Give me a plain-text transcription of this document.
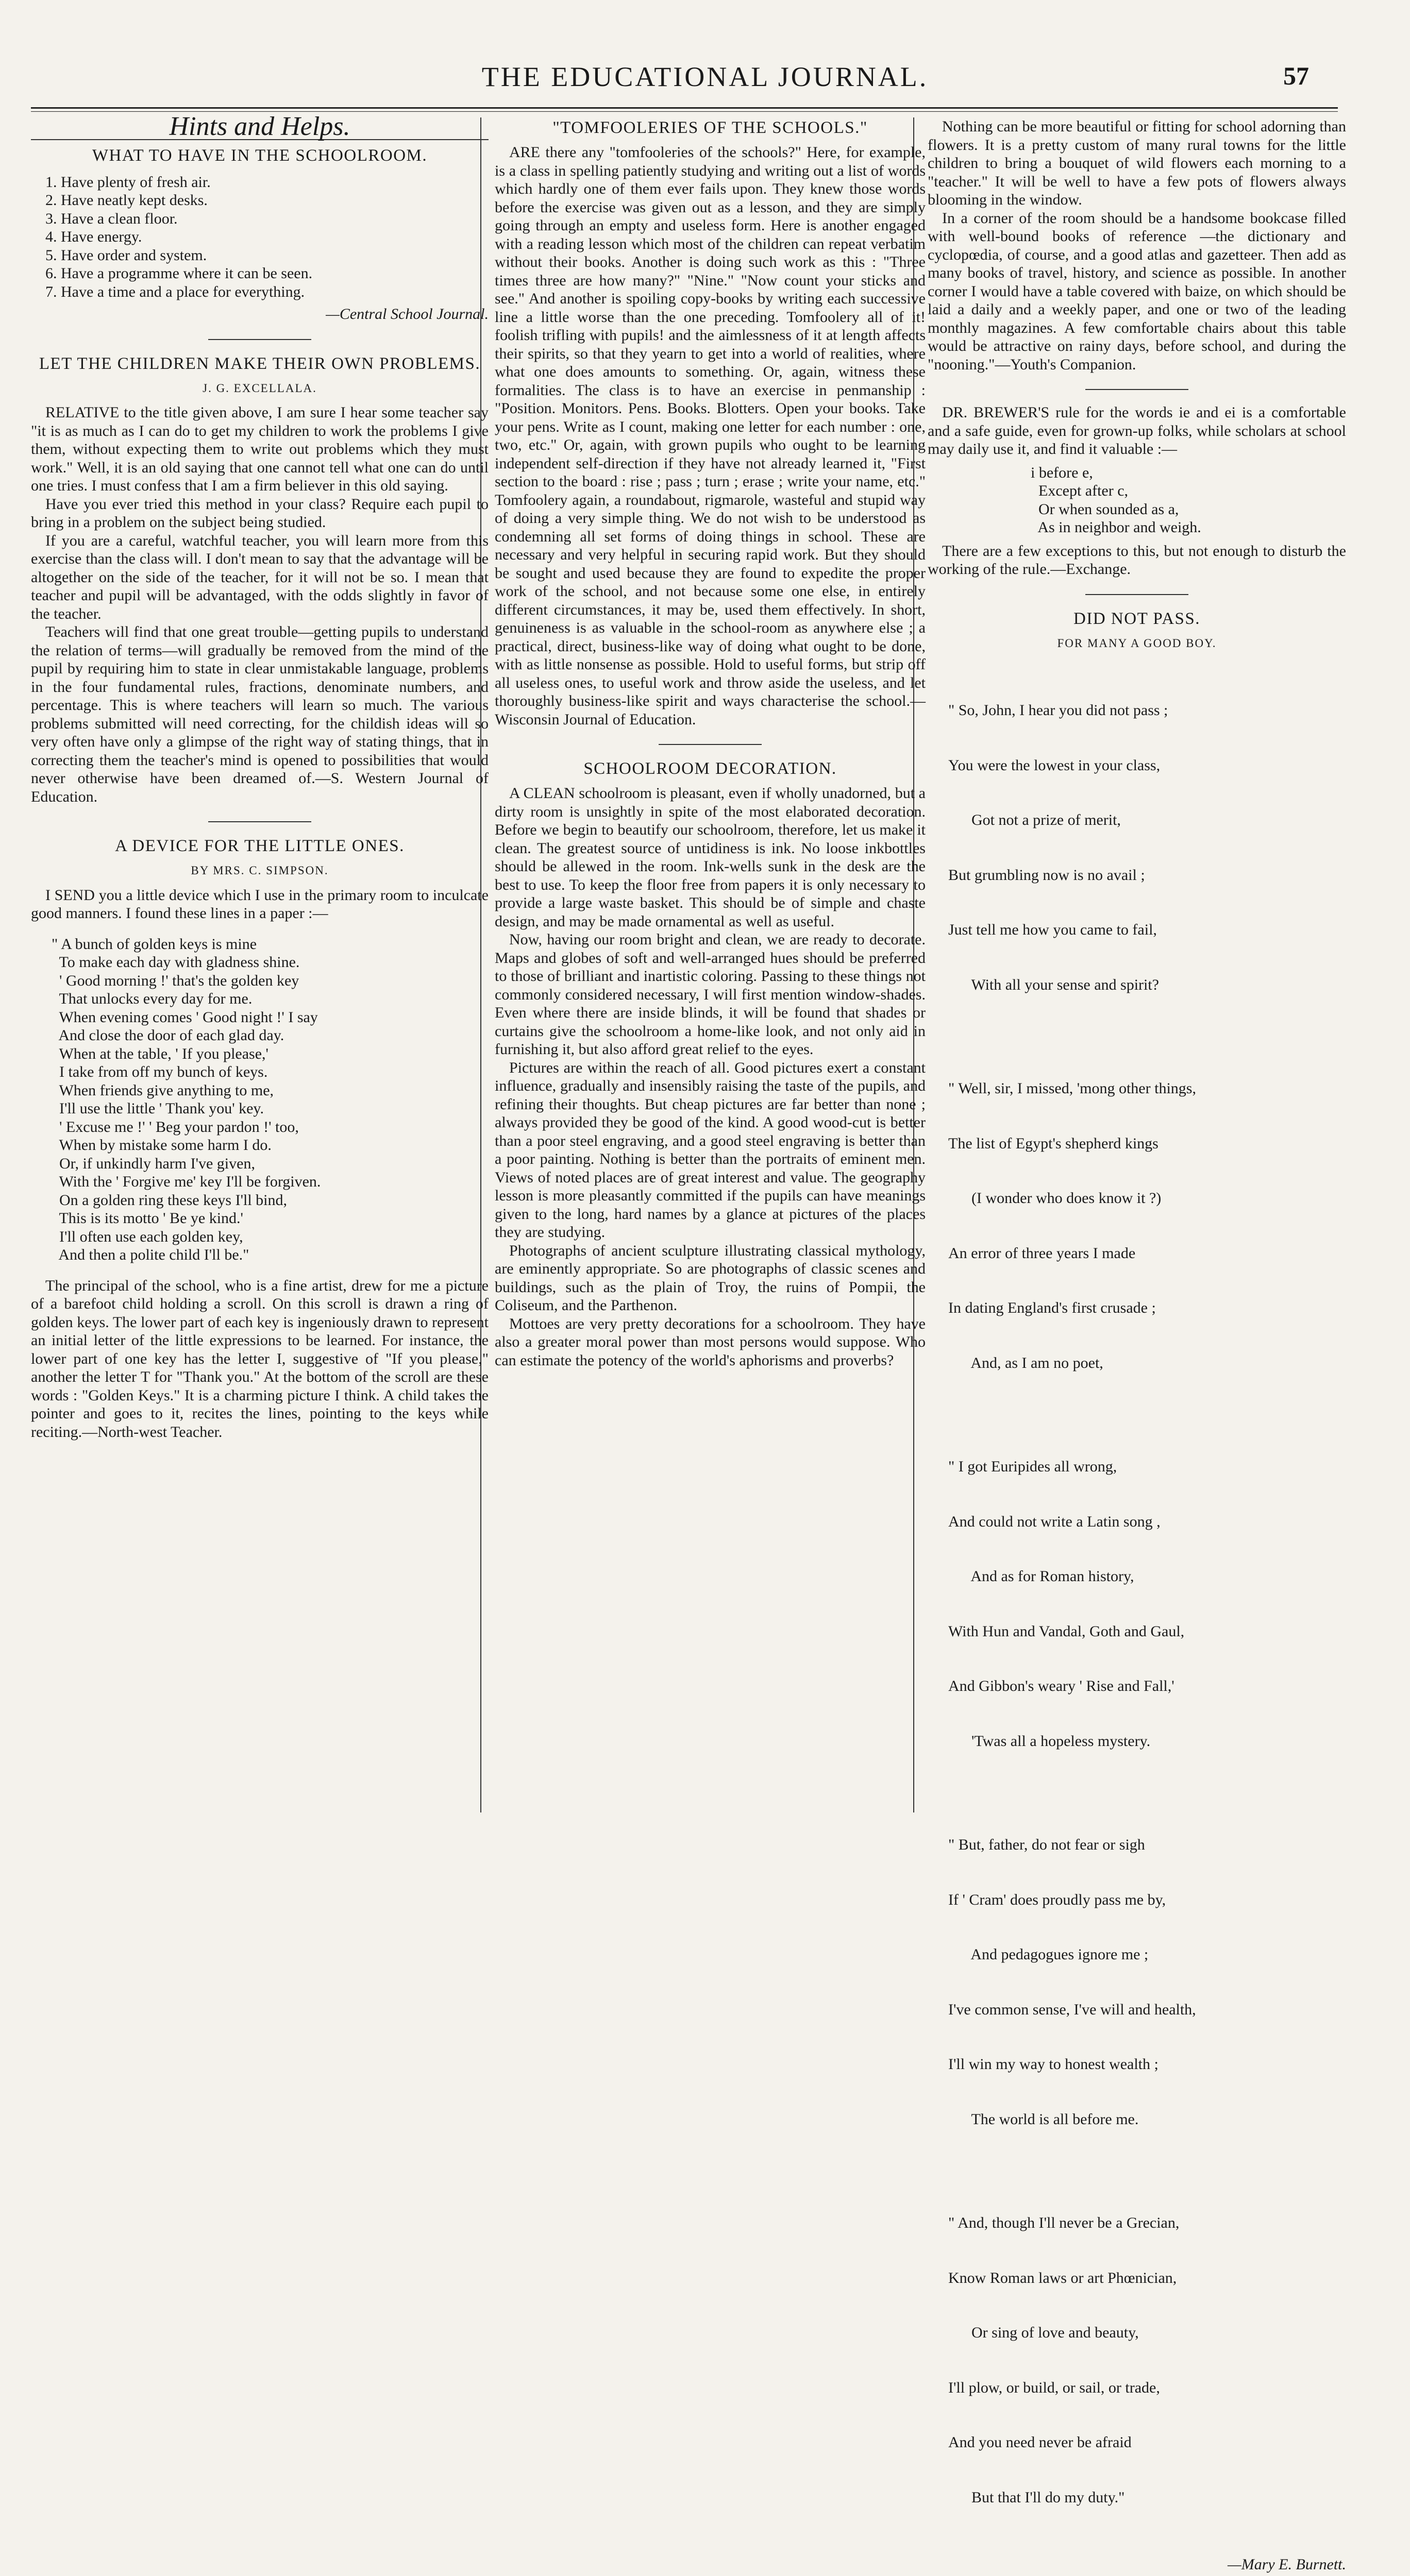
THE EDUCATIONAL JOURNAL.	57
Hints and Helps.
WHAT TO HAVE IN THE SCHOOLROOM.
1. Have plenty of fresh air.
2. Have neatly kept desks.
3. Have a clean floor.
4. Have energy.
5. Have order and system.
6. Have a programme where it can be seen.
7. Have a time and a place for everything.
—Central School Journal.
LET THE CHILDREN MAKE THEIR OWN PROBLEMS.
J. G. EXCELLALA.

RELATIVE to the title given above, I am sure I hear some teacher say "it is as much as I can do to get my children to work the problems I give them, without expecting them to write out problems which they must work." Well, it is an old saying that one cannot tell what one can do until one tries. I must confess that I am a firm believer in this old saying.

Have you ever tried this method in your class? Require each pupil to bring in a problem on the subject being studied.

If you are a careful, watchful teacher, you will learn more from this exercise than the class will. I don't mean to say that the advantage will be altogether on the side of the teacher, for it will not be so. I mean that teacher and pupil will be advantaged, with the odds slightly in favor of the teacher.

Teachers will find that one great trouble—getting pupils to understand the relation of terms—will gradually be removed from the mind of the pupil by requiring him to state in clear unmistakable language, problems in the four fundamental rules, fractions, denominate numbers, and percentage. This is where teachers will learn so much. The various problems submitted will need correcting, for the childish ideas will so very often have only a glimpse of the right way of stating things, that in correcting them the teacher's mind is opened to possibilities that would never otherwise have been dreamed of.—S. Western Journal of Education.

A DEVICE FOR THE LITTLE ONES.
BY MRS. C. SIMPSON.

I SEND you a little device which I use in the primary room to inculcate good manners. I found these lines in a paper :—

" A bunch of golden keys is mine
To make each day with gladness shine.
' Good morning !' that's the golden key
That unlocks every day for me.
When evening comes ' Good night !' I say
And close the door of each glad day.
When at the table, ' If you please,'
I take from off my bunch of keys.
When friends give anything to me,
I'll use the little ' Thank you' key.
' Excuse me !' ' Beg your pardon !' too,
When by mistake some harm I do.
Or, if unkindly harm I've given,
With the ' Forgive me' key I'll be forgiven.
On a golden ring these keys I'll bind,
This is its motto ' Be ye kind.'
I'll often use each golden key,
And then a polite child I'll be."

The principal of the school, who is a fine artist, drew for me a picture of a barefoot child holding a scroll. On this scroll is drawn a ring of golden keys. The lower part of each key is ingeniously drawn to represent an initial letter of the little expressions to be learned. For instance, the lower part of one key has the letter I, suggestive of "If you please," another the letter T for "Thank you." At the bottom of the scroll are these words : "Golden Keys." It is a charming picture I think. A child takes the pointer and goes to it, recites the lines, pointing to the keys while reciting.—North-west Teacher.

"TOMFOOLERIES OF THE SCHOOLS."

ARE there any "tomfooleries of the schools?" Here, for example, is a class in spelling patiently studying and writing out a list of words which hardly one of them ever fails upon. They knew those words before the exercise was given out as a lesson, and they are simply going through an empty and useless form. Here is another engaged with a reading lesson which most of the children can repeat verbatim without their books. Another is doing such work as this : "Three times three are how many?" "Nine." "Now count your sticks and see." And another is spoiling copy-books by writing each successive line a little worse than the one preceding. Tomfoolery all of it! foolish trifling with pupils! and the aimlessness of it at length affects their spirits, so that they yearn to get into a world of realities, where what one does amounts to something. Or, again, witness these formalities. The class is to have an exercise in penmanship : "Position. Monitors. Pens. Books. Blotters. Open your books. Take your pens. Write as I count, making one letter for each number : one, two, etc." Or, again, with grown pupils who ought to be learning independent self-direction if they have not already learned it, "First section to the board : rise ; pass ; turn ; erase ; write your name, etc." Tomfoolery again, a roundabout, rigmarole, wasteful and stupid way of doing a very simple thing. We do not wish to be understood as condemning all set forms of doing things in school. These are necessary and very helpful in securing rapid work. But they should be sought and used because they are found to expedite the proper work of the school, and not because some one else, in entirely different circumstances, it may be, used them effectively. In short, genuineness is as valuable in the school-room as anywhere else ; a practical, direct, business-like way of doing what ought to be done, with as little nonsense as possible. Hold to useful forms, but strip off all useless ones, to useful work and throw aside the useless, and let thoroughly business-like spirit and ways characterise the school.—Wisconsin Journal of Education.

SCHOOLROOM DECORATION.

A CLEAN schoolroom is pleasant, even if wholly unadorned, but a dirty room is unsightly in spite of the most elaborated decoration. Before we begin to beautify our schoolroom, therefore, let us make it clean. The greatest source of untidiness is ink. No loose inkbottles should be allewed in the room. Ink-wells sunk in the desk are the best to use. To keep the floor free from papers it is only necessary to provide a large waste basket. This should be of simple and chaste design, and may be made ornamental as well as useful.

Now, having our room bright and clean, we are ready to decorate. Maps and globes of soft and well-arranged hues should be preferred to those of brilliant and inartistic coloring. Passing to these things not commonly considered necessary, I will first mention window-shades. Even where there are inside blinds, it will be found that shades or curtains give the schoolroom a home-like look, and not only aid in furnishing it, but also afford great relief to the eyes.

Pictures are within the reach of all. Good pictures exert a constant influence, gradually and insensibly raising the taste of the pupils, and refining their thoughts. But cheap pictures are far better than none ; always provided they be good of the kind. A good wood-cut is better than a poor steel engraving, and a good steel engraving is better than a poor painting. Nothing is better than the portraits of eminent men. Views of noted places are of great interest and value. The geography lesson is more pleasantly committed if the pupils can have meanings given to the long, hard names by a glance at pictures of the places they are studying.

Photographs of ancient sculpture illustrating classical mythology, are eminently appropriate. So are photographs of classic scenes and buildings, such as the plain of Troy, the ruins of Pompii, the Coliseum, and the Parthenon.

Mottoes are very pretty decorations for a schoolroom. They have also a greater moral power than most persons would suppose. Who can estimate the potency of the world's aphorisms and proverbs?

Nothing can be more beautiful or fitting for school adorning than flowers. It is a pretty custom of many rural towns for the little children to bring a bouquet of wild flowers each morning to a "teacher." It will be well to have a few pots of flowers always blooming in the window.

In a corner of the room should be a handsome bookcase filled with well-bound books of reference —the dictionary and cyclopœdia, of course, and a good atlas and gazetteer. Then add as many books of travel, history, and science as possible. In another corner I would have a table covered with baize, on which should be laid a daily and a weekly paper, and one or two of the leading monthly magazines. A few comfortable chairs about this table would be attractive on rainy days, before school, and during the "nooning."—Youth's Companion.

DR. BREWER'S rule for the words ie and ei is a comfortable and a safe guide, even for grown-up folks, while scholars at school may daily use it, and find it valuable :—

i before e,
Except after c,
Or when sounded as a,
As in neighbor and weigh.

There are a few exceptions to this, but not enough to disturb the working of the rule.—Exchange.

DID NOT PASS.
FOR MANY A GOOD BOY.

" So, John, I hear you did not pass ;

You were the lowest in your class,

Got not a prize of merit,

But grumbling now is no avail ;

Just tell me how you came to fail,

With all your sense and spirit?

" Well, sir, I missed, 'mong other things,

The list of Egypt's shepherd kings

(I wonder who does know it ?)

An error of three years I made

In dating England's first crusade ;

And, as I am no poet,

" I got Euripides all wrong,

And could not write a Latin song ,

And as for Roman history,

With Hun and Vandal, Goth and Gaul,

And Gibbon's weary ' Rise and Fall,'

'Twas all a hopeless mystery.

" But, father, do not fear or sigh

If ' Cram' does proudly pass me by,

And pedagogues ignore me ;

I've common sense, I've will and health,

I'll win my way to honest wealth ;

The world is all before me.

" And, though I'll never be a Grecian,

Know Roman laws or art Phœnician,

Or sing of love and beauty,

I'll plow, or build, or sail, or trade,

And you need never be afraid

But that I'll do my duty."

—Mary E. Burnett.
